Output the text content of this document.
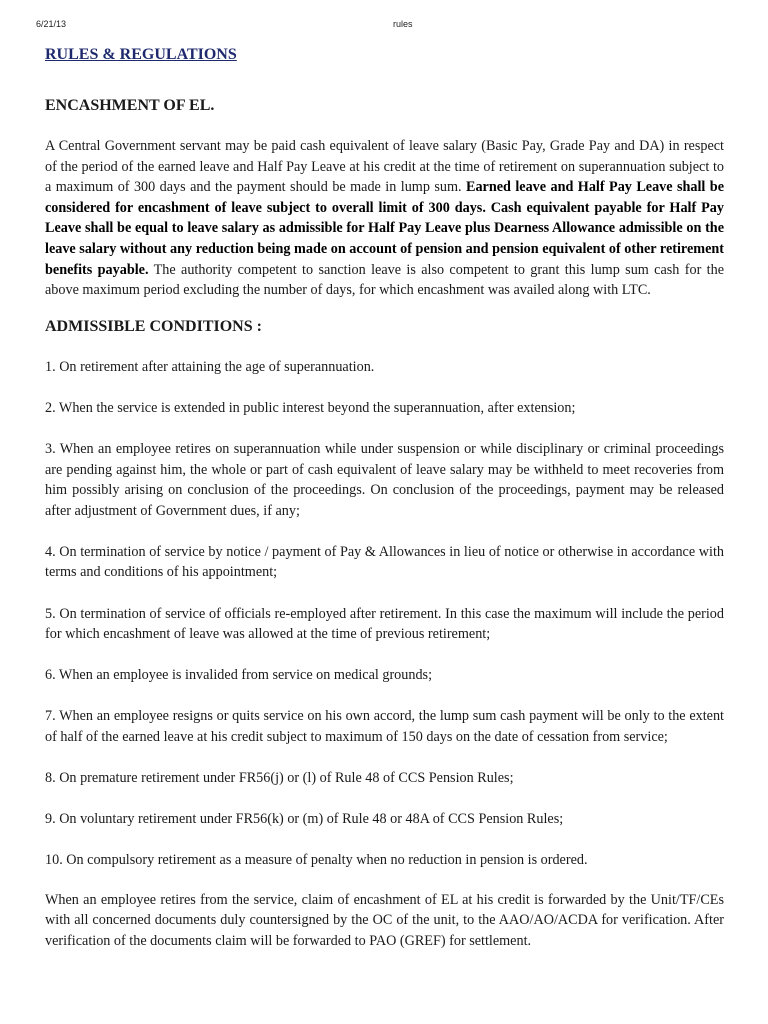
6/21/13	rules
RULES & REGULATIONS
ENCASHMENT OF EL.

A Central Government servant may be paid cash equivalent of leave salary (Basic Pay, Grade Pay and DA) in respect of the period of the earned leave and Half Pay Leave at his credit at the time of retirement on superannuation subject to a maximum of 300 days and the payment should be made in lump sum. Earned leave and Half Pay Leave shall be considered for encashment of leave subject to overall limit of 300 days. Cash equivalent payable for Half Pay Leave shall be equal to leave salary as admissible for Half Pay Leave plus Dearness Allowance admissible on the leave salary without any reduction being made on account of pension and pension equivalent of other retirement benefits payable. The authority competent to sanction leave is also competent to grant this lump sum cash for the above maximum period excluding the number of days, for which encashment was availed along with LTC.

ADMISSIBLE CONDITIONS :

1. On retirement after attaining the age of superannuation.

2. When the service is extended in public interest beyond the superannuation, after extension;

3. When an employee retires on superannuation while under suspension or while disciplinary or criminal proceedings are pending against him, the whole or part of cash equivalent of leave salary may be withheld to meet recoveries from him possibly arising on conclusion of the proceedings. On conclusion of the proceedings, payment may be released after adjustment of Government dues, if any;

4. On termination of service by notice / payment of Pay & Allowances in lieu of notice or otherwise in accordance with terms and conditions of his appointment;

5. On termination of service of officials re-employed after retirement. In this case the maximum will include the period for which encashment of leave was allowed at the time of previous retirement;

6. When an employee is invalided from service on medical grounds;

7. When an employee resigns or quits service on his own accord, the lump sum cash payment will be only to the extent of half of the earned leave at his credit subject to maximum of 150 days on the date of cessation from service;

8. On premature retirement under FR56(j) or (l) of Rule 48 of CCS Pension Rules;

9. On voluntary retirement under FR56(k) or (m) of Rule 48 or 48A of CCS Pension Rules;

10. On compulsory retirement as a measure of penalty when no reduction in pension is ordered.

When an employee retires from the service, claim of encashment of EL at his credit is forwarded by the Unit/TF/CEs with all concerned documents duly countersigned by the OC of the unit, to the AAO/AO/ACDA for verification. After verification of the documents claim will be forwarded to PAO (GREF) for settlement.
